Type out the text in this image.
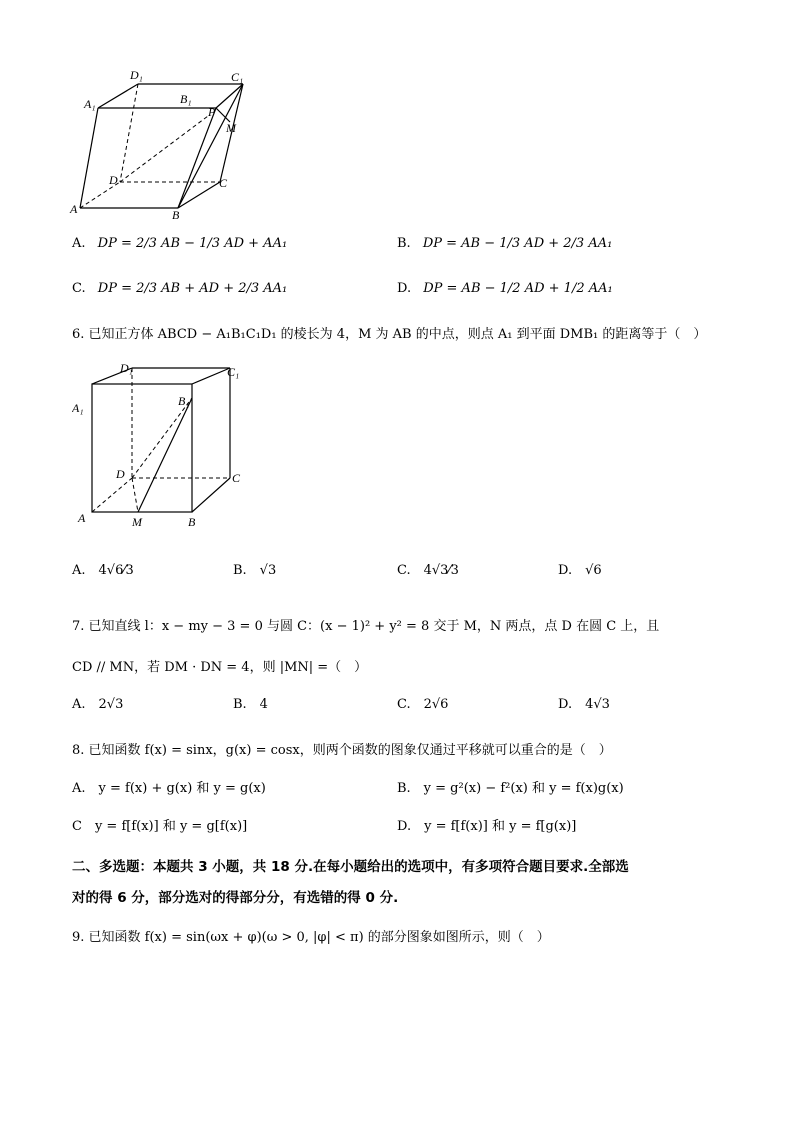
D₁	C₁
A₁	B₁
P
M
D	C
A	B
A. DP = 2/3 AB − 1/3 AD + AA₁	B. DP = AB − 1/3 AD + 2/3 AA₁
C. DP = 2/3 AB + AD + 2/3 AA₁	D. DP = AB − 1/2 AD + 1/2 AA₁
6. 已知正方体 ABCD − A₁B₁C₁D₁ 的棱长为 4，M 为 AB 的中点，则点 A₁ 到平面 DMB₁ 的距离等于（　）
D₁	C₁
A₁	B₁
D	C
A	M	B
A.　4√6⁄3	B.　√3	C.　4√3⁄3	D.　√6
7. 已知直线 l：x − my − 3 = 0 与圆 C：(x − 1)² + y² = 8 交于 M，N 两点，点 D 在圆 C 上，且
CD // MN，若 DM · DN = 4，则 |MN| =（　）
A.　2√3	B.　4	C.　2√6	D.　4√3
8. 已知函数 f(x) = sinx，g(x) = cosx，则两个函数的图象仅通过平移就可以重合的是（　）
A.　y = f(x) + g(x) 和 y = g(x)	B.　y = g²(x) − f²(x) 和 y = f(x)g(x)
C　y = f[f(x)] 和 y = g[f(x)]	D.　y = f[f(x)] 和 y = f[g(x)]
二、多选题：本题共 3 小题，共 18 分.在每小题给出的选项中，有多项符合题目要求.全部选
对的得 6 分，部分选对的得部分分，有选错的得 0 分.
9. 已知函数 f(x) = sin(ωx + φ)(ω > 0, |φ| < π) 的部分图象如图所示，则（　）
